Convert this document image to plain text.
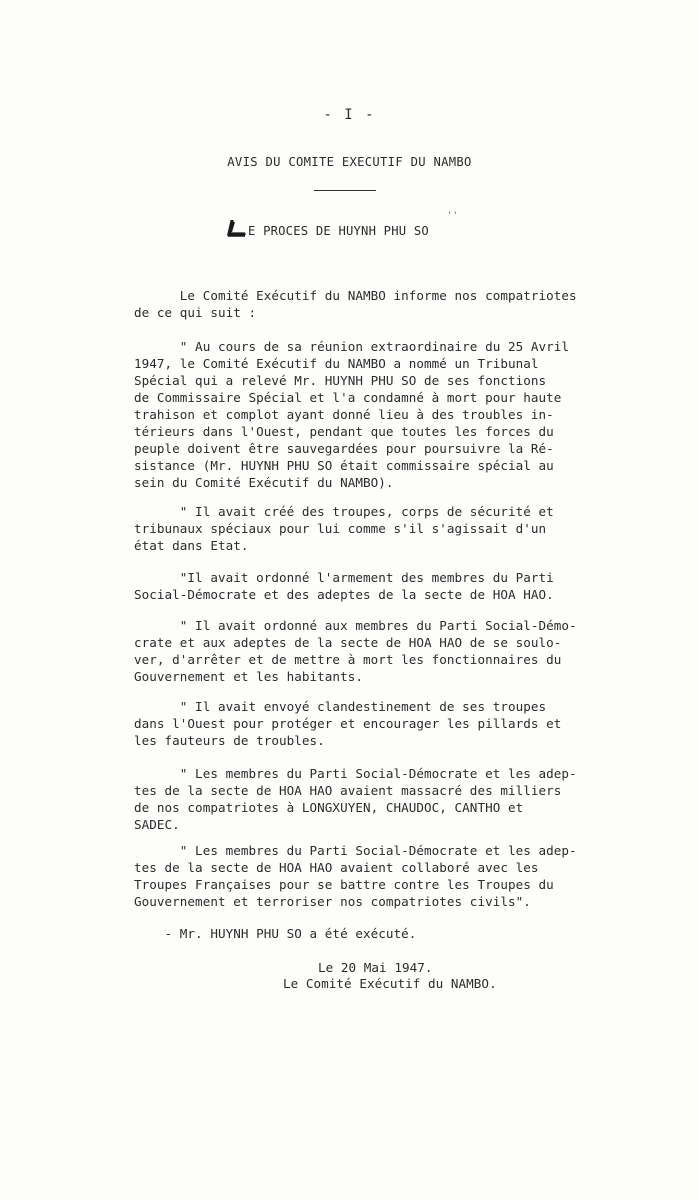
- I -
AVIS DU COMITE EXECUTIF DU NAMBO
E PROCES DE HUYNH PHU SO
''
Le Comité Exécutif du NAMBO informe nos compatriotes
de ce qui suit :
" Au cours de sa réunion extraordinaire du 25 Avril
1947, le Comité Exécutif du NAMBO a nommé un Tribunal
Spécial qui a relevé Mr. HUYNH PHU SO de ses fonctions
de Commissaire Spécial et l'a condamné à mort pour haute
trahison et complot ayant donné lieu à des troubles in-
térieurs dans l'Ouest, pendant que toutes les forces du
peuple doivent être sauvegardées pour poursuivre la Ré-
sistance (Mr. HUYNH PHU SO était commissaire spécial au
sein du Comité Exécutif du NAMBO).
" Il avait créé des troupes, corps de sécurité et
tribunaux spéciaux pour lui comme s'il s'agissait d'un
état dans Etat.
"Il avait ordonné l'armement des membres du Parti
Social-Démocrate et des adeptes de la secte de HOA HAO.
" Il avait ordonné aux membres du Parti Social-Démo-
crate et aux adeptes de la secte de HOA HAO de se soulo-
ver, d'arrêter et de mettre à mort les fonctionnaires du
Gouvernement et les habitants.
" Il avait envoyé clandestinement de ses troupes
dans l'Ouest pour protéger et encourager les pillards et
les fauteurs de troubles.
" Les membres du Parti Social-Démocrate et les adep-
tes de la secte de HOA HAO avaient massacré des milliers
de nos compatriotes à LONGXUYEN, CHAUDOC, CANTHO et
SADEC.
" Les membres du Parti Social-Démocrate et les adep-
tes de la secte de HOA HAO avaient collaboré avec les
Troupes Françaises pour se battre contre les Troupes du
Gouvernement et terroriser nos compatriotes civils".
- Mr. HUYNH PHU SO a été exécuté.
Le 20 Mai 1947.
Le Comité Exécutif du NAMBO.
